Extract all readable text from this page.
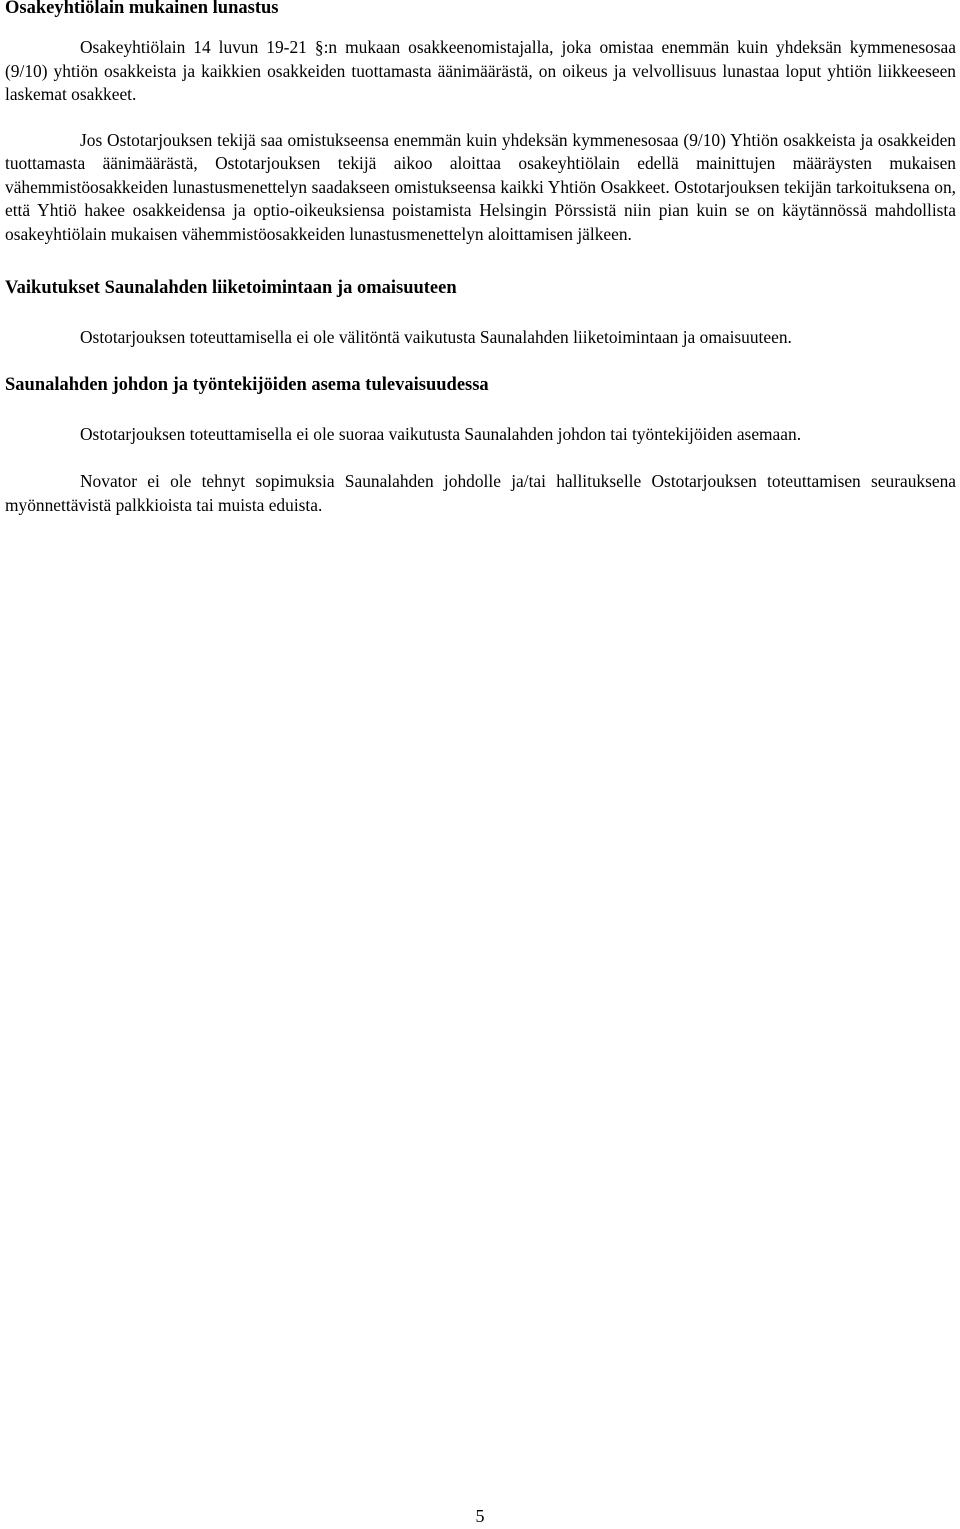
Osakeyhtiölain mukainen lunastus

Osakeyhtiölain 14 luvun 19-21 §:n mukaan osakkeenomistajalla, joka omistaa enemmän kuin yhdeksän kymmenesosaa (9/10) yhtiön osakkeista ja kaikkien osakkeiden tuottamasta äänimäärästä, on oikeus ja velvollisuus lunastaa loput yhtiön liikkeeseen laskemat osakkeet.

Jos Ostotarjouksen tekijä saa omistukseensa enemmän kuin yhdeksän kymmenesosaa (9/10) Yhtiön osakkeista ja osakkeiden tuottamasta äänimäärästä, Ostotarjouksen tekijä aikoo aloittaa osakeyhtiölain edellä mainittujen määräysten mukaisen vähemmistöosakkeiden lunastusmenettelyn saadakseen omistukseensa kaikki Yhtiön Osakkeet. Ostotarjouksen tekijän tarkoituksena on, että Yhtiö hakee osakkeidensa ja optio-oikeuksiensa poistamista Helsingin Pörssistä niin pian kuin se on käytännössä mahdollista osakeyhtiölain mukaisen vähemmistöosakkeiden lunastusmenettelyn aloittamisen jälkeen.

Vaikutukset Saunalahden liiketoimintaan ja omaisuuteen

Ostotarjouksen toteuttamisella ei ole välitöntä vaikutusta Saunalahden liiketoimintaan ja omaisuuteen.

Saunalahden johdon ja työntekijöiden asema tulevaisuudessa

Ostotarjouksen toteuttamisella ei ole suoraa vaikutusta Saunalahden johdon tai työntekijöiden asemaan.

Novator ei ole tehnyt sopimuksia Saunalahden johdolle ja/tai hallitukselle Ostotarjouksen toteuttamisen seurauksena myönnettävistä palkkioista tai muista eduista.

5
